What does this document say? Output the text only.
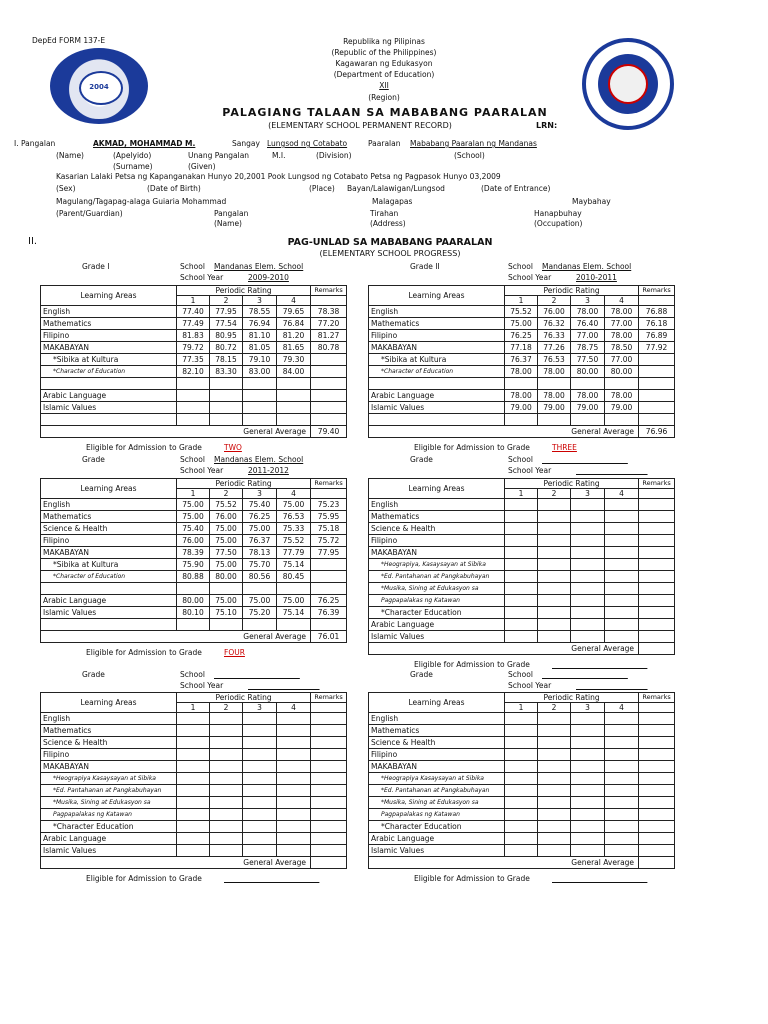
DepEd FORM 137-E
2004
Republika ng Pilipinas
(Republic of the Philippines)
Kagawaran ng Edukasyon
(Department of Education)
XII
(Region)
PALAGIANG TALAAN SA MABABANG PAARALAN
(ELEMENTARY SCHOOL PERMANENT RECORD)	LRN:
I. Pangalan	AKMAD, MOHAMMAD M.	Sangay Lungsod ng Cotabato	Paaralan Mababang Paaralan ng Mandanas
(Name)	(Apelyido)	Unang Pangalan	M.I.	(Division)	(School)
(Surname)	(Given)
Kasarian Lalaki Petsa ng Kapanganakan Hunyo 20,2001 Pook Lungsod ng Cotabato Petsa ng Pagpasok Hunyo 03,2009
(Sex)	(Date of Birth)	(Place) Bayan/Lalawigan/Lungsod	(Date of Entrance)
Magulang/Tagapag-alaga Guiaria Mohammad	Malagapas	Maybahay
(Parent/Guardian)	Pangalan	Tirahan	Hanapbuhay
(Name)	(Address)	(Occupation)
II.	PAG-UNLAD SA MABABANG PAARALAN
(ELEMENTARY SCHOOL PROGRESS)
Grade I	School Mandanas Elem. School
School Year	2009-2010
Learning Areas	Periodic Rating				Remarks
	1	2	3	4	
English	77.40	77.95	78.55	79.65	78.38
Mathematics	77.49	77.54	76.94	76.84	77.20
Filipino	81.83	80.95	81.10	81.20	81.27
MAKABAYAN	79.72	80.72	81.05	81.65	80.78
*Sibika at Kultura	77.35	78.15	79.10	79.30	
*Character of Education	82.10	83.30	83.00	84.00	

Arabic Language					
Islamic Values					

General Average					79.40
Eligible for Admission to Grade	TWO
Grade II	School Mandanas Elem. School
School Year	2010-2011
Learning Areas	Periodic Rating				Remarks
	1	2	3	4	
English	75.52	76.00	78.00	78.00	76.88
Mathematics	75.00	76.32	76.40	77.00	76.18
Filipino	76.25	76.33	77.00	78.00	76.89
MAKABAYAN	77.18	77.26	78.75	78.50	77.92
*Sibika at Kultura	76.37	76.53	77.50	77.00	
*Character of Education	78.00	78.00	80.00	80.00	

Arabic Language	78.00	78.00	78.00	78.00	
Islamic Values	79.00	79.00	79.00	79.00	

General Average					76.96
Eligible for Admission to Grade	THREE
Grade	School Mandanas Elem. School
School Year	2011-2012
Learning Areas	Periodic Rating				Remarks
	1	2	3	4	
English	75.00	75.52	75.40	75.00	75.23
Mathematics	75.00	76.00	76.25	76.53	75.95
Science & Health	75.40	75.00	75.00	75.33	75.18
Filipino	76.00	75.00	76.37	75.52	75.72
MAKABAYAN	78.39	77.50	78.13	77.79	77.95
*Sibika at Kultura	75.90	75.00	75.70	75.14	
*Character of Education	80.88	80.00	80.56	80.45	

Arabic Language	80.00	75.00	75.00	75.00	76.25
Islamic Values	80.10	75.10	75.20	75.14	76.39

General Average					76.01
Eligible for Admission to Grade	FOUR
Grade	School

School Year

Learning Areas	Periodic Rating				Remarks
	1	2	3	4	
English					
Mathematics					
Science & Health					
Filipino					
MAKABAYAN					
*Heograpiya, Kasaysayan at Sibika					
*Ed. Pantahanan at Pangkabuhayan					
*Musika, Sining at Edukasyon sa					
Pagpapalakas ng Katawan					
*Character Education					
Arabic Language					
Islamic Values					
General Average					
Eligible for Admission to Grade

Grade	School

School Year

Learning Areas	Periodic Rating				Remarks
	1	2	3	4	
English					
Mathematics					
Science & Health					
Filipino					
MAKABAYAN					
*Heograpiya Kasaysayan at Sibika					
*Ed. Pantahanan at Pangkabuhayan					
*Musika, Sining at Edukasyon sa					
Pagpapalakas ng Katawan					
*Character Education					
Arabic Language					
Islamic Values					
General Average					
Eligible for Admission to Grade

Grade	School

School Year

Learning Areas	Periodic Rating				Remarks
	1	2	3	4	
English					
Mathematics					
Science & Health					
Filipino					
MAKABAYAN					
*Heograpiya Kasaysayan at Sibika					
*Ed. Pantahanan at Pangkabuhayan					
*Musika, Sining at Edukasyon sa					
Pagpapalakas ng Katawan					
*Character Education					
Arabic Language					
Islamic Values					
General Average					
Eligible for Admission to Grade
